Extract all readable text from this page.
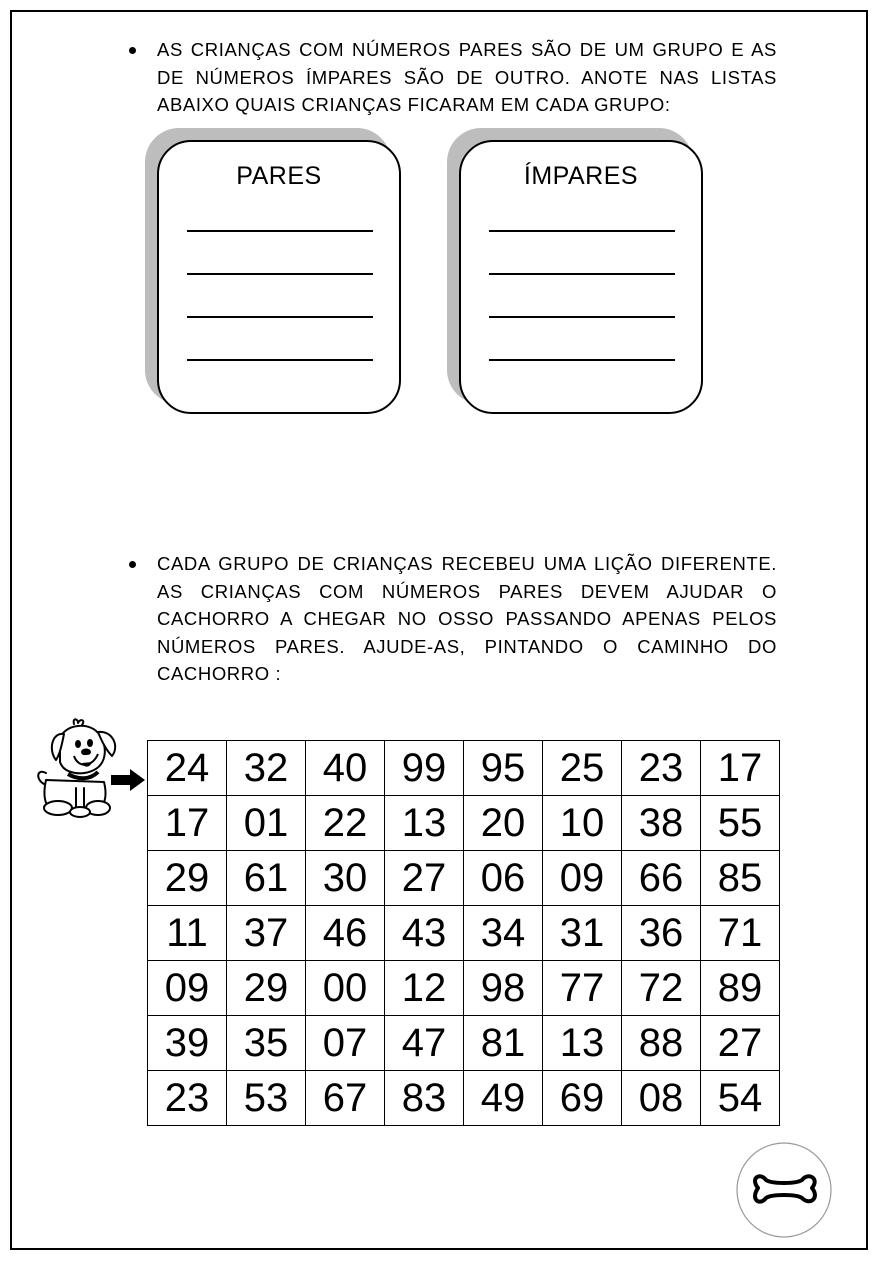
AS CRIANÇAS COM NÚMEROS PARES SÃO DE UM GRUPO E AS DE NÚMEROS ÍMPARES SÃO DE OUTRO. ANOTE NAS LISTAS ABAIXO QUAIS CRIANÇAS FICARAM EM CADA GRUPO:
PARES	ÍMPARES
CADA GRUPO DE CRIANÇAS RECEBEU UMA LIÇÃO DIFERENTE. AS CRIANÇAS COM NÚMEROS PARES DEVEM AJUDAR O CACHORRO A CHEGAR NO OSSO PASSANDO APENAS PELOS NÚMEROS PARES. AJUDE-AS, PINTANDO O CAMINHO DO CACHORRO :
24	32	40	99	95	25	23	17
17	01	22	13	20	10	38	55
29	61	30	27	06	09	66	85
11	37	46	43	34	31	36	71
09	29	00	12	98	77	72	89
39	35	07	47	81	13	88	27
23	53	67	83	49	69	08	54
